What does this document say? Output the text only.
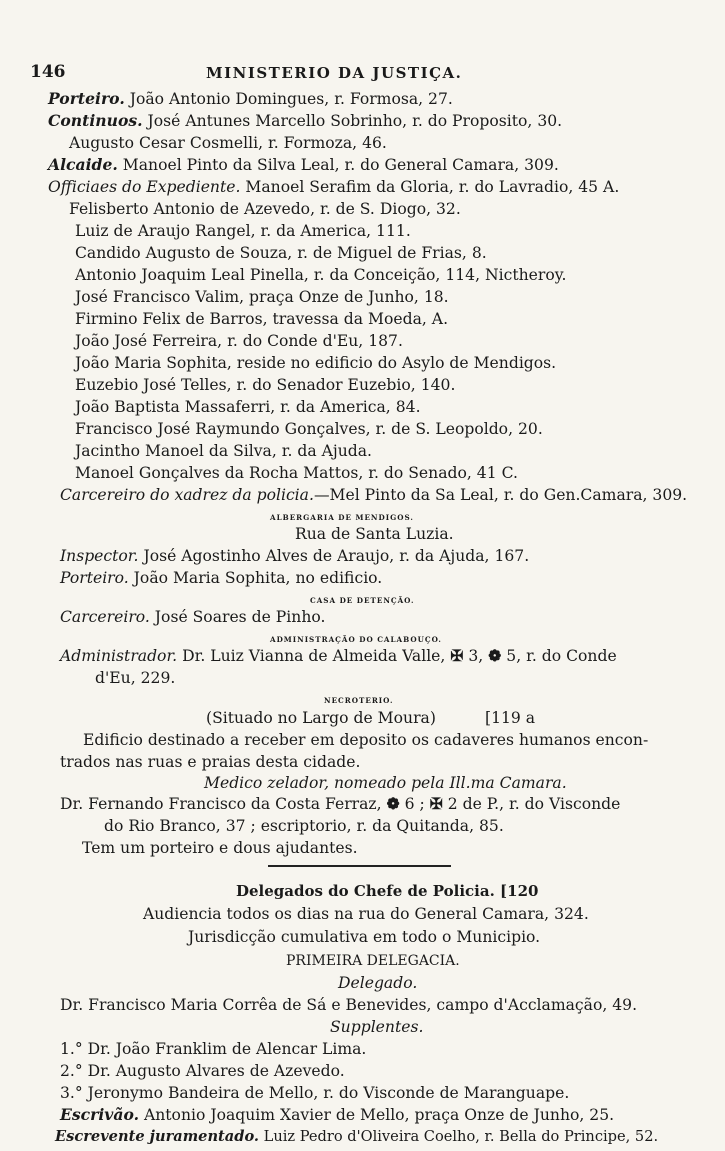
146	MINISTERIO DA JUSTIÇA.
Porteiro. João Antonio Domingues, r. Formosa, 27.
Continuos. José Antunes Marcello Sobrinho, r. do Proposito, 30.
Augusto Cesar Cosmelli, r. Formoza, 46.
Alcaide. Manoel Pinto da Silva Leal, r. do General Camara, 309.
Officiaes do Expediente. Manoel Serafim da Gloria, r. do Lavradio, 45 A.
Felisberto Antonio de Azevedo, r. de S. Diogo, 32.
Luiz de Araujo Rangel, r. da America, 111.
Candido Augusto de Souza, r. de Miguel de Frias, 8.
Antonio Joaquim Leal Pinella, r. da Conceição, 114, Nictheroy.
José Francisco Valim, praça Onze de Junho, 18.
Firmino Felix de Barros, travessa da Moeda, A.
João José Ferreira, r. do Conde d'Eu, 187.
João Maria Sophita, reside no edificio do Asylo de Mendigos.
Euzebio José Telles, r. do Senador Euzebio, 140.
João Baptista Massaferri, r. da America, 84.
Francisco José Raymundo Gonçalves, r. de S. Leopoldo, 20.
Jacintho Manoel da Silva, r. da Ajuda.
Manoel Gonçalves da Rocha Mattos, r. do Senado, 41 C.
Carcereiro do xadrez da policia.—Mel Pinto da Sa Leal, r. do Gen.Camara, 309.
ALBERGARIA DE MENDIGOS.
Rua de Santa Luzia.
Inspector. José Agostinho Alves de Araujo, r. da Ajuda, 167.
Porteiro. João Maria Sophita, no edificio.
CASA DE DETENÇÃO.
Carcereiro. José Soares de Pinho.
ADMINISTRAÇÃO DO CALABOUÇO.
Administrador. Dr. Luiz Vianna de Almeida Valle, ✠ 3, ❁ 5, r. do Conde
d'Eu, 229.
NECROTERIO.
(Situado no Largo de Moura)	[119 a
Edificio destinado a receber em deposito os cadaveres humanos encon-
trados nas ruas e praias desta cidade.
Medico zelador, nomeado pela Ill.ma Camara.
Dr. Fernando Francisco da Costa Ferraz, ❁ 6 ; ✠ 2 de P., r. do Visconde
do Rio Branco, 37 ; escriptorio, r. da Quitanda, 85.
Tem um porteiro e dous ajudantes.
Delegados do Chefe de Policia. [120
Audiencia todos os dias na rua do General Camara, 324.
Jurisdicção cumulativa em todo o Municipio.
PRIMEIRA DELEGACIA.
Delegado.
Dr. Francisco Maria Corrêa de Sá e Benevides, campo d'Acclamação, 49.
Supplentes.
1.° Dr. João Franklim de Alencar Lima.
2.° Dr. Augusto Alvares de Azevedo.
3.° Jeronymo Bandeira de Mello, r. do Visconde de Maranguape.
Escrivão. Antonio Joaquim Xavier de Mello, praça Onze de Junho, 25.
Escrevente juramentado. Luiz Pedro d'Oliveira Coelho, r. Bella do Principe, 52.
